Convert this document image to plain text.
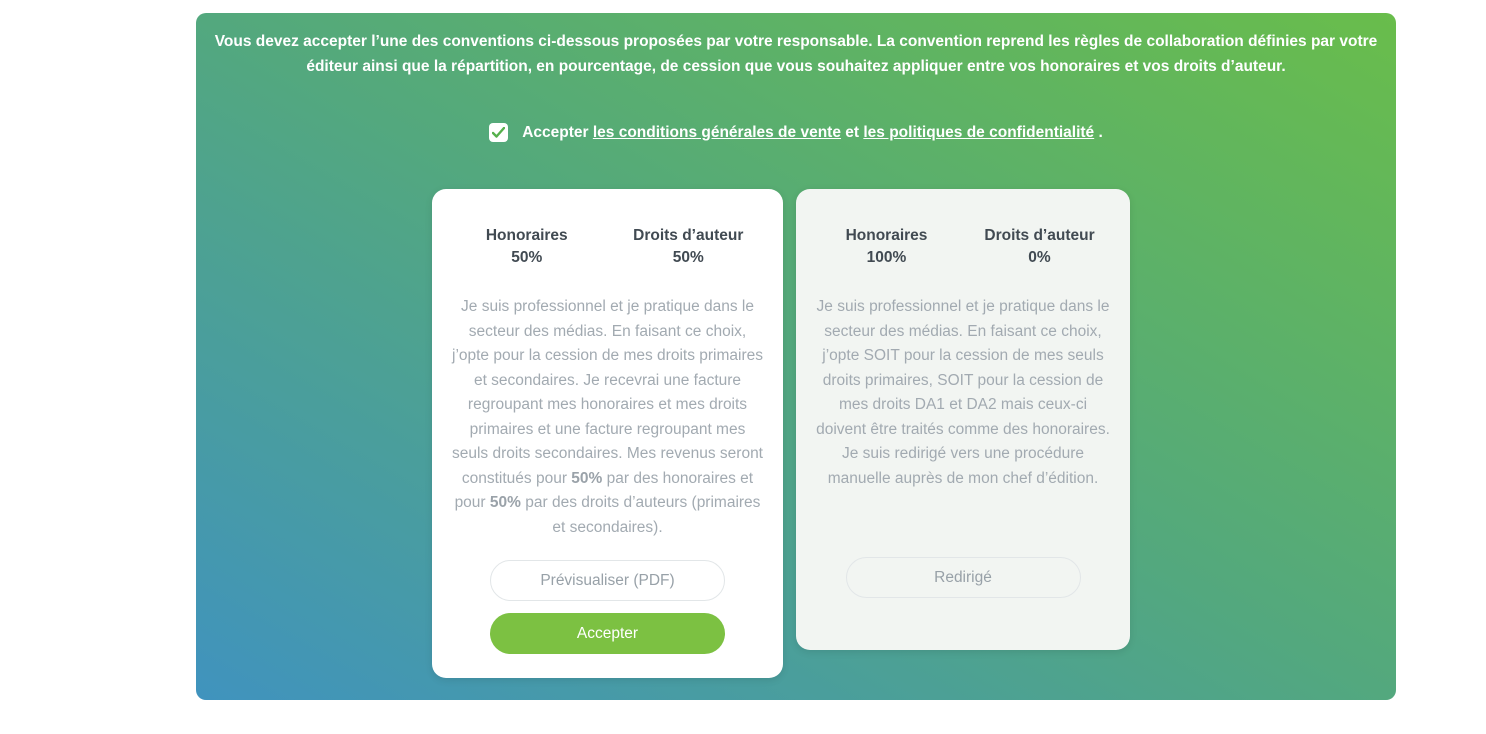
Vous devez accepter l’une des conventions ci-dessous proposées par votre responsable. La convention reprend les règles de collaboration définies par votre éditeur ainsi que la répartition, en pourcentage, de cession que vous souhaitez appliquer entre vos honoraires et vos droits d’auteur.

Accepter les conditions générales de vente et les politiques de confidentialité .
Honoraires
50%
Droits d’auteur
50%

Je suis professionnel et je pratique dans le secteur des médias. En faisant ce choix, j’opte pour la cession de mes droits primaires et secondaires. Je recevrai une facture regroupant mes honoraires et mes droits primaires et une facture regroupant mes seuls droits secondaires. Mes revenus seront constitués pour 50% par des honoraires et pour 50% par des droits d’auteurs (primaires et secondaires).

Prévisualiser (PDF)
Accepter
Honoraires
100%
Droits d’auteur
0%

Je suis professionnel et je pratique dans le secteur des médias. En faisant ce choix, j’opte SOIT pour la cession de mes seuls droits primaires, SOIT pour la cession de mes droits DA1 et DA2 mais ceux-ci doivent être traités comme des honoraires. Je suis redirigé vers une procédure manuelle auprès de mon chef d’édition.

Redirigé
